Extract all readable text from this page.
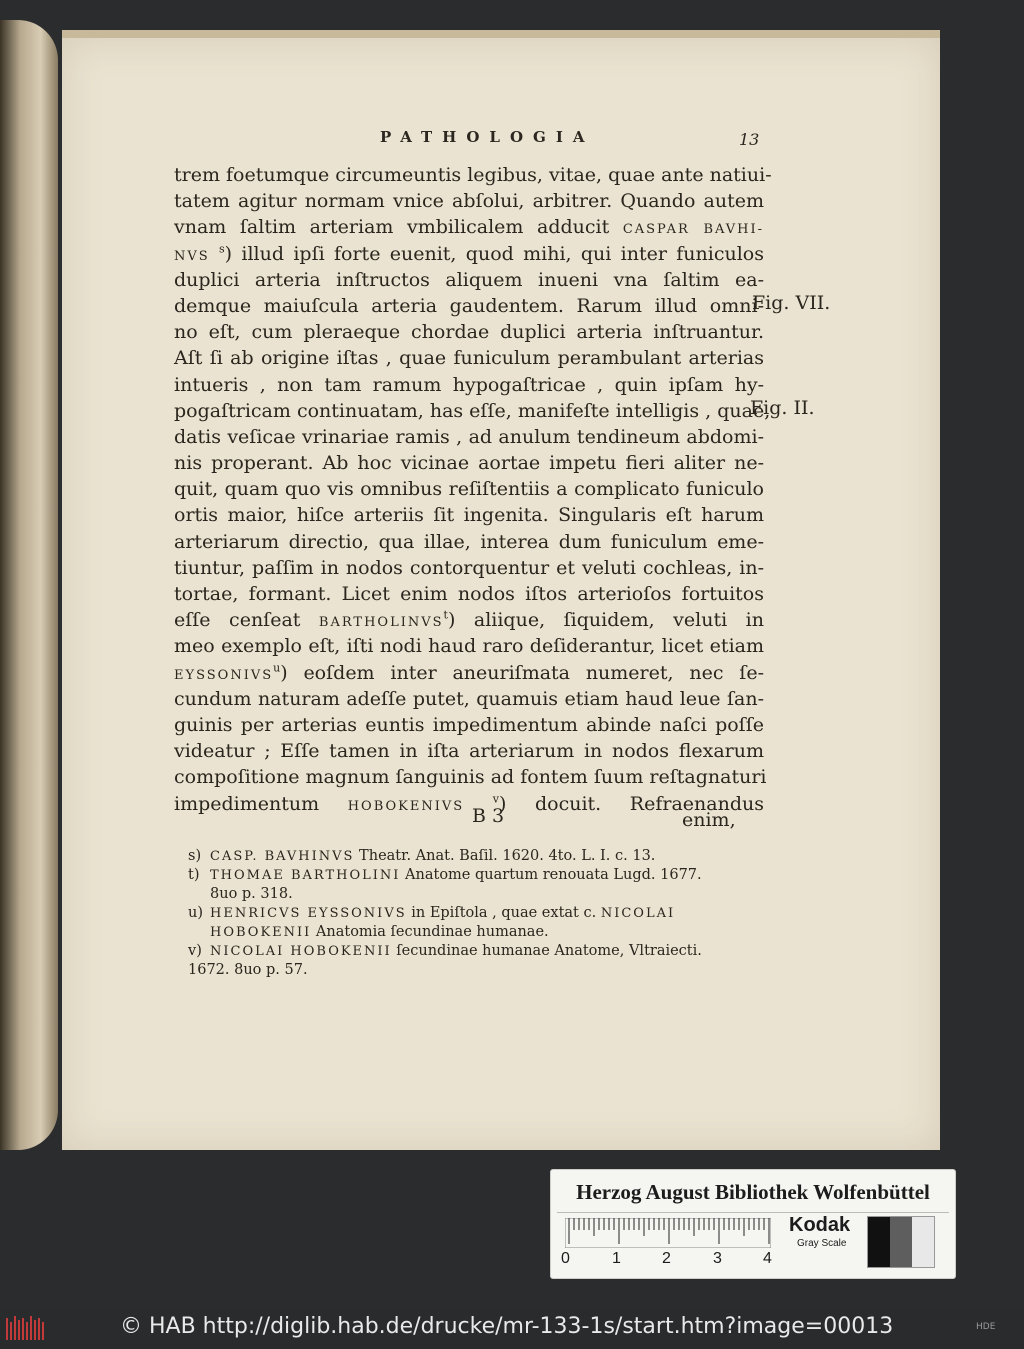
PATHOLOGIA	13
trem foetumque circumeuntis legibus, vitae, quae ante natiui-
tatem agitur normam vnice abſolui, arbitrer. Quando autem
vnam ſaltim arteriam vmbilicalem adducit CASPAR BAVHI-
NVS $^s$) illud ipſi forte euenit, quod mihi, qui inter funiculos
duplici arteria inſtructos aliquem inueni vna ſaltim ea-
demque maiuſcula arteria gaudentem. Rarum illud omni-
no eſt, cum pleraeque chordae duplici arteria inſtruantur.
Aſt ſi ab origine iſtas , quae funiculum perambulant arterias
intueris , non tam ramum hypogaſtricae , quin ipſam hy-
pogaſtricam continuatam, has eſſe, manifeſte intelligis , quae,
datis veſicae vrinariae ramis , ad anulum tendineum abdomi-
nis properant. Ab hoc vicinae aortae impetu fieri aliter ne-
quit, quam quo vis omnibus reſiſtentiis a complicato funiculo
ortis maior, hiſce arteriis ſit ingenita. Singularis eſt harum
arteriarum directio, qua illae, interea dum funiculum eme-
tiuntur, paſſim in nodos contorquentur et veluti cochleas, in-
tortae, formant. Licet enim nodos iſtos arterioſos fortuitos
eſſe cenſeat BARTHOLINVS$^t$) aliique, ſiquidem, veluti in
meo exemplo eſt, iſti nodi haud raro deſiderantur, licet etiam
EYSSONIVS$^u$) eoſdem inter aneuriſmata numeret, nec ſe-
cundum naturam adeſſe putet, quamuis etiam haud leue ſan-
guinis per arterias euntis impedimentum abinde naſci poſſe
videatur ; Eſſe tamen in iſta arteriarum in nodos flexarum
compoſitione magnum ſanguinis ad fontem ſuum reſtagnaturi
impedimentum HOBOKENIVS	$^v$) docuit. Refraenandus
Fig. VII.
Fig. II.
B 3	enim,
s) CASP. BAVHINVS Theatr. Anat. Baſil. 1620. 4to. L. I. c. 13.
t) THOMAE BARTHOLINI Anatome quartum renouata Lugd. 1677.
8uo p. 318.
u) HENRICVS EYSSONIVS in Epiſtola , quae extat c. NICOLAI
HOBOKENII Anatomia ſecundinae humanae.
v) NICOLAI HOBOKENII ſecundinae humanae Anatome, Vltraiecti.
1672. 8uo p. 57.
Herzog August Bibliothek Wolfenbüttel
0	1	2	3	4
Kodak
Gray Scale
© HAB http://diglib.hab.de/drucke/mr-133-1s/start.htm?image=00013	HDE
